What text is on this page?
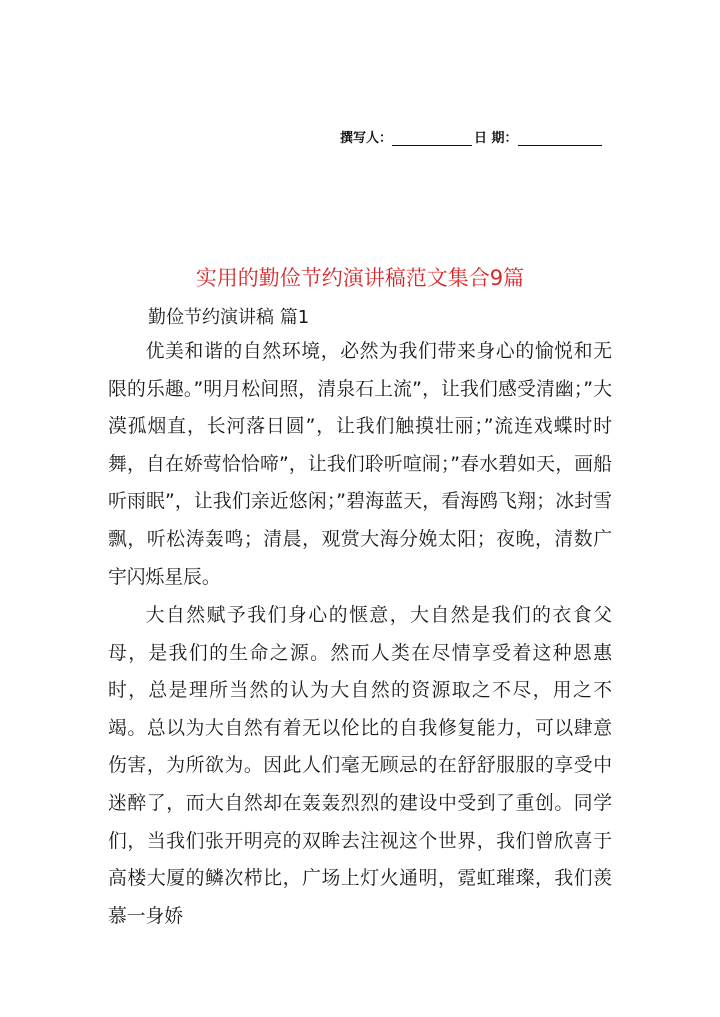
撰写人：	日 期：
实用的勤俭节约演讲稿范文集合9篇
勤俭节约演讲稿 篇1

优美和谐的自然环境，必然为我们带来身心的愉悦和无限的乐趣。”明月松间照，清泉石上流”，让我们感受清幽；”大漠孤烟直，长河落日圆”，让我们触摸壮丽；”流连戏蝶时时舞，自在娇莺恰恰啼”，让我们聆听喧闹；”春水碧如天，画船听雨眠”，让我们亲近悠闲；”碧海蓝天，看海鸥飞翔；冰封雪飘，听松涛轰鸣；清晨，观赏大海分娩太阳；夜晚，清数广宇闪烁星辰。

大自然赋予我们身心的惬意，大自然是我们的衣食父母，是我们的生命之源。然而人类在尽情享受着这种恩惠时，总是理所当然的认为大自然的资源取之不尽，用之不竭。总以为大自然有着无以伦比的自我修复能力，可以肆意伤害，为所欲为。因此人们毫无顾忌的在舒舒服服的享受中迷醉了，而大自然却在轰轰烈烈的建设中受到了重创。同学们，当我们张开明亮的双眸去注视这个世界，我们曾欣喜于高楼大厦的鳞次栉比，广场上灯火通明，霓虹璀璨，我们羡慕一身娇
